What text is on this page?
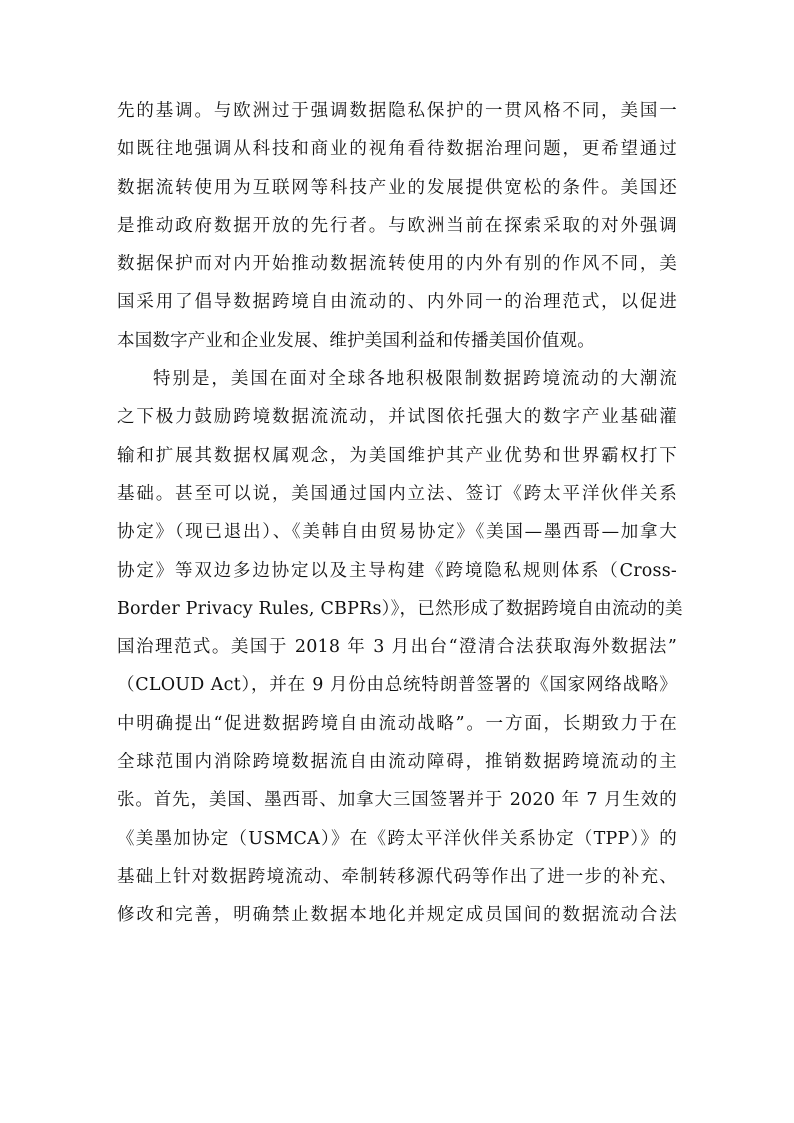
先的基调。与欧洲过于强调数据隐私保护的一贯风格不同，美国一
如既往地强调从科技和商业的视角看待数据治理问题，更希望通过
数据流转使用为互联网等科技产业的发展提供宽松的条件。美国还
是推动政府数据开放的先行者。与欧洲当前在探索采取的对外强调
数据保护而对内开始推动数据流转使用的内外有别的作风不同，美
国采用了倡导数据跨境自由流动的、内外同一的治理范式，以促进
本国数字产业和企业发展、维护美国利益和传播美国价值观。
特别是，美国在面对全球各地积极限制数据跨境流动的大潮流
之下极力鼓励跨境数据流流动，并试图依托强大的数字产业基础灌
输和扩展其数据权属观念，为美国维护其产业优势和世界霸权打下
基础。甚至可以说，美国通过国内立法、签订《跨太平洋伙伴关系
协定》（现已退出）、《美韩自由贸易协定》《美国—墨西哥—加拿大
协定》等双边多边协定以及主导构建《跨境隐私规则体系（Cross-
Border Privacy Rules, CBPRs）》，已然形成了数据跨境自由流动的美
国治理范式。美国于 2018 年 3 月出台“澄清合法获取海外数据法”
（CLOUD Act），并在 9 月份由总统特朗普签署的《国家网络战略》
中明确提出“促进数据跨境自由流动战略”。一方面，长期致力于在
全球范围内消除跨境数据流自由流动障碍，推销数据跨境流动的主
张。首先，美国、墨西哥、加拿大三国签署并于 2020 年 7 月生效的
《美墨加协定（USMCA）》在《跨太平洋伙伴关系协定（TPP）》的
基础上针对数据跨境流动、牵制转移源代码等作出了进一步的补充、
修改和完善，明确禁止数据本地化并规定成员国间的数据流动合法
